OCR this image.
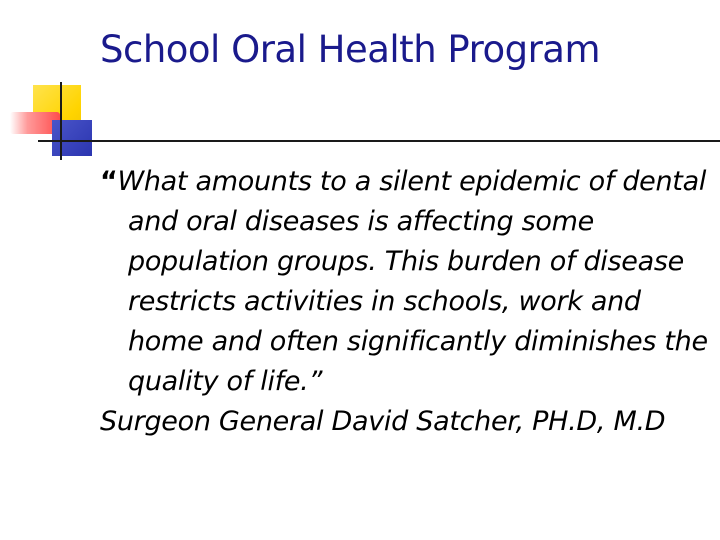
School Oral Health Program

“What amounts to a silent epidemic of dental and oral diseases is affecting some population groups. This burden of disease restricts activities in schools, work and home and often significantly diminishes the quality of life.”

Surgeon General David Satcher, PH.D, M.D
